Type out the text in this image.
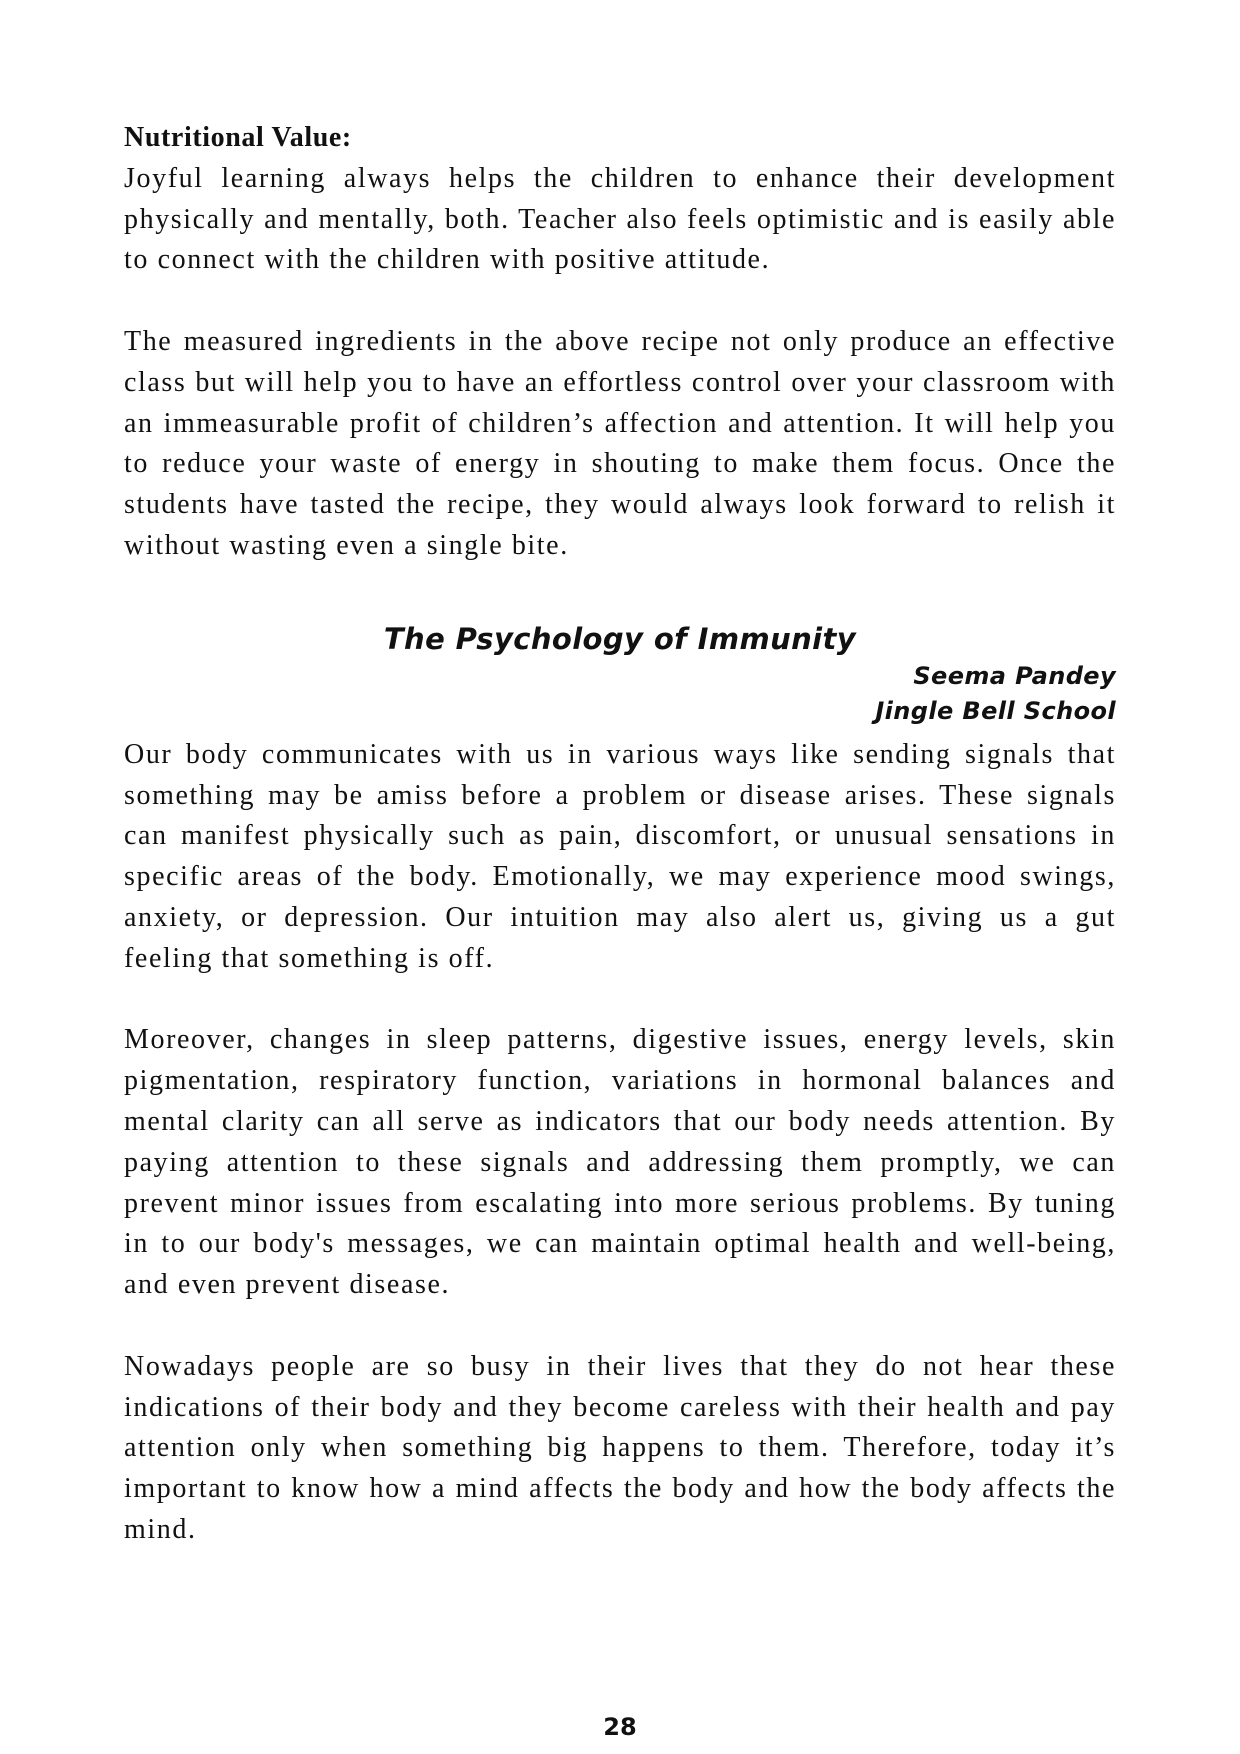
Nutritional Value:

Joyful learning always helps the children to enhance their development physically and mentally, both. Teacher also feels optimistic and is easily able to connect with the children with positive attitude.

The measured ingredients in the above recipe not only produce an effective class but will help you to have an effortless control over your classroom with an immeasurable profit of children’s affection and attention. It will help you to reduce your waste of energy in shouting to make them focus. Once the students have tasted the recipe, they would always look forward to relish it without wasting even a single bite.

The Psychology of Immunity
Seema Pandey
Jingle Bell School

Our body communicates with us in various ways like sending signals that something may be amiss before a problem or disease arises. These signals can manifest physically such as pain, discomfort, or unusual sensations in specific areas of the body. Emotionally, we may experience mood swings, anxiety, or depression. Our intuition may also alert us, giving us a gut feeling that something is off.

Moreover, changes in sleep patterns, digestive issues, energy levels, skin pigmentation, respiratory function, variations in hormonal balances and mental clarity can all serve as indicators that our body needs attention. By paying attention to these signals and addressing them promptly, we can prevent minor issues from escalating into more serious problems. By tuning in to our body's messages, we can maintain optimal health and well-being, and even prevent disease.

Nowadays people are so busy in their lives that they do not hear these indications of their body and they become careless with their health and pay attention only when something big happens to them. Therefore, today it’s important to know how a mind affects the body and how the body affects the mind.

28
